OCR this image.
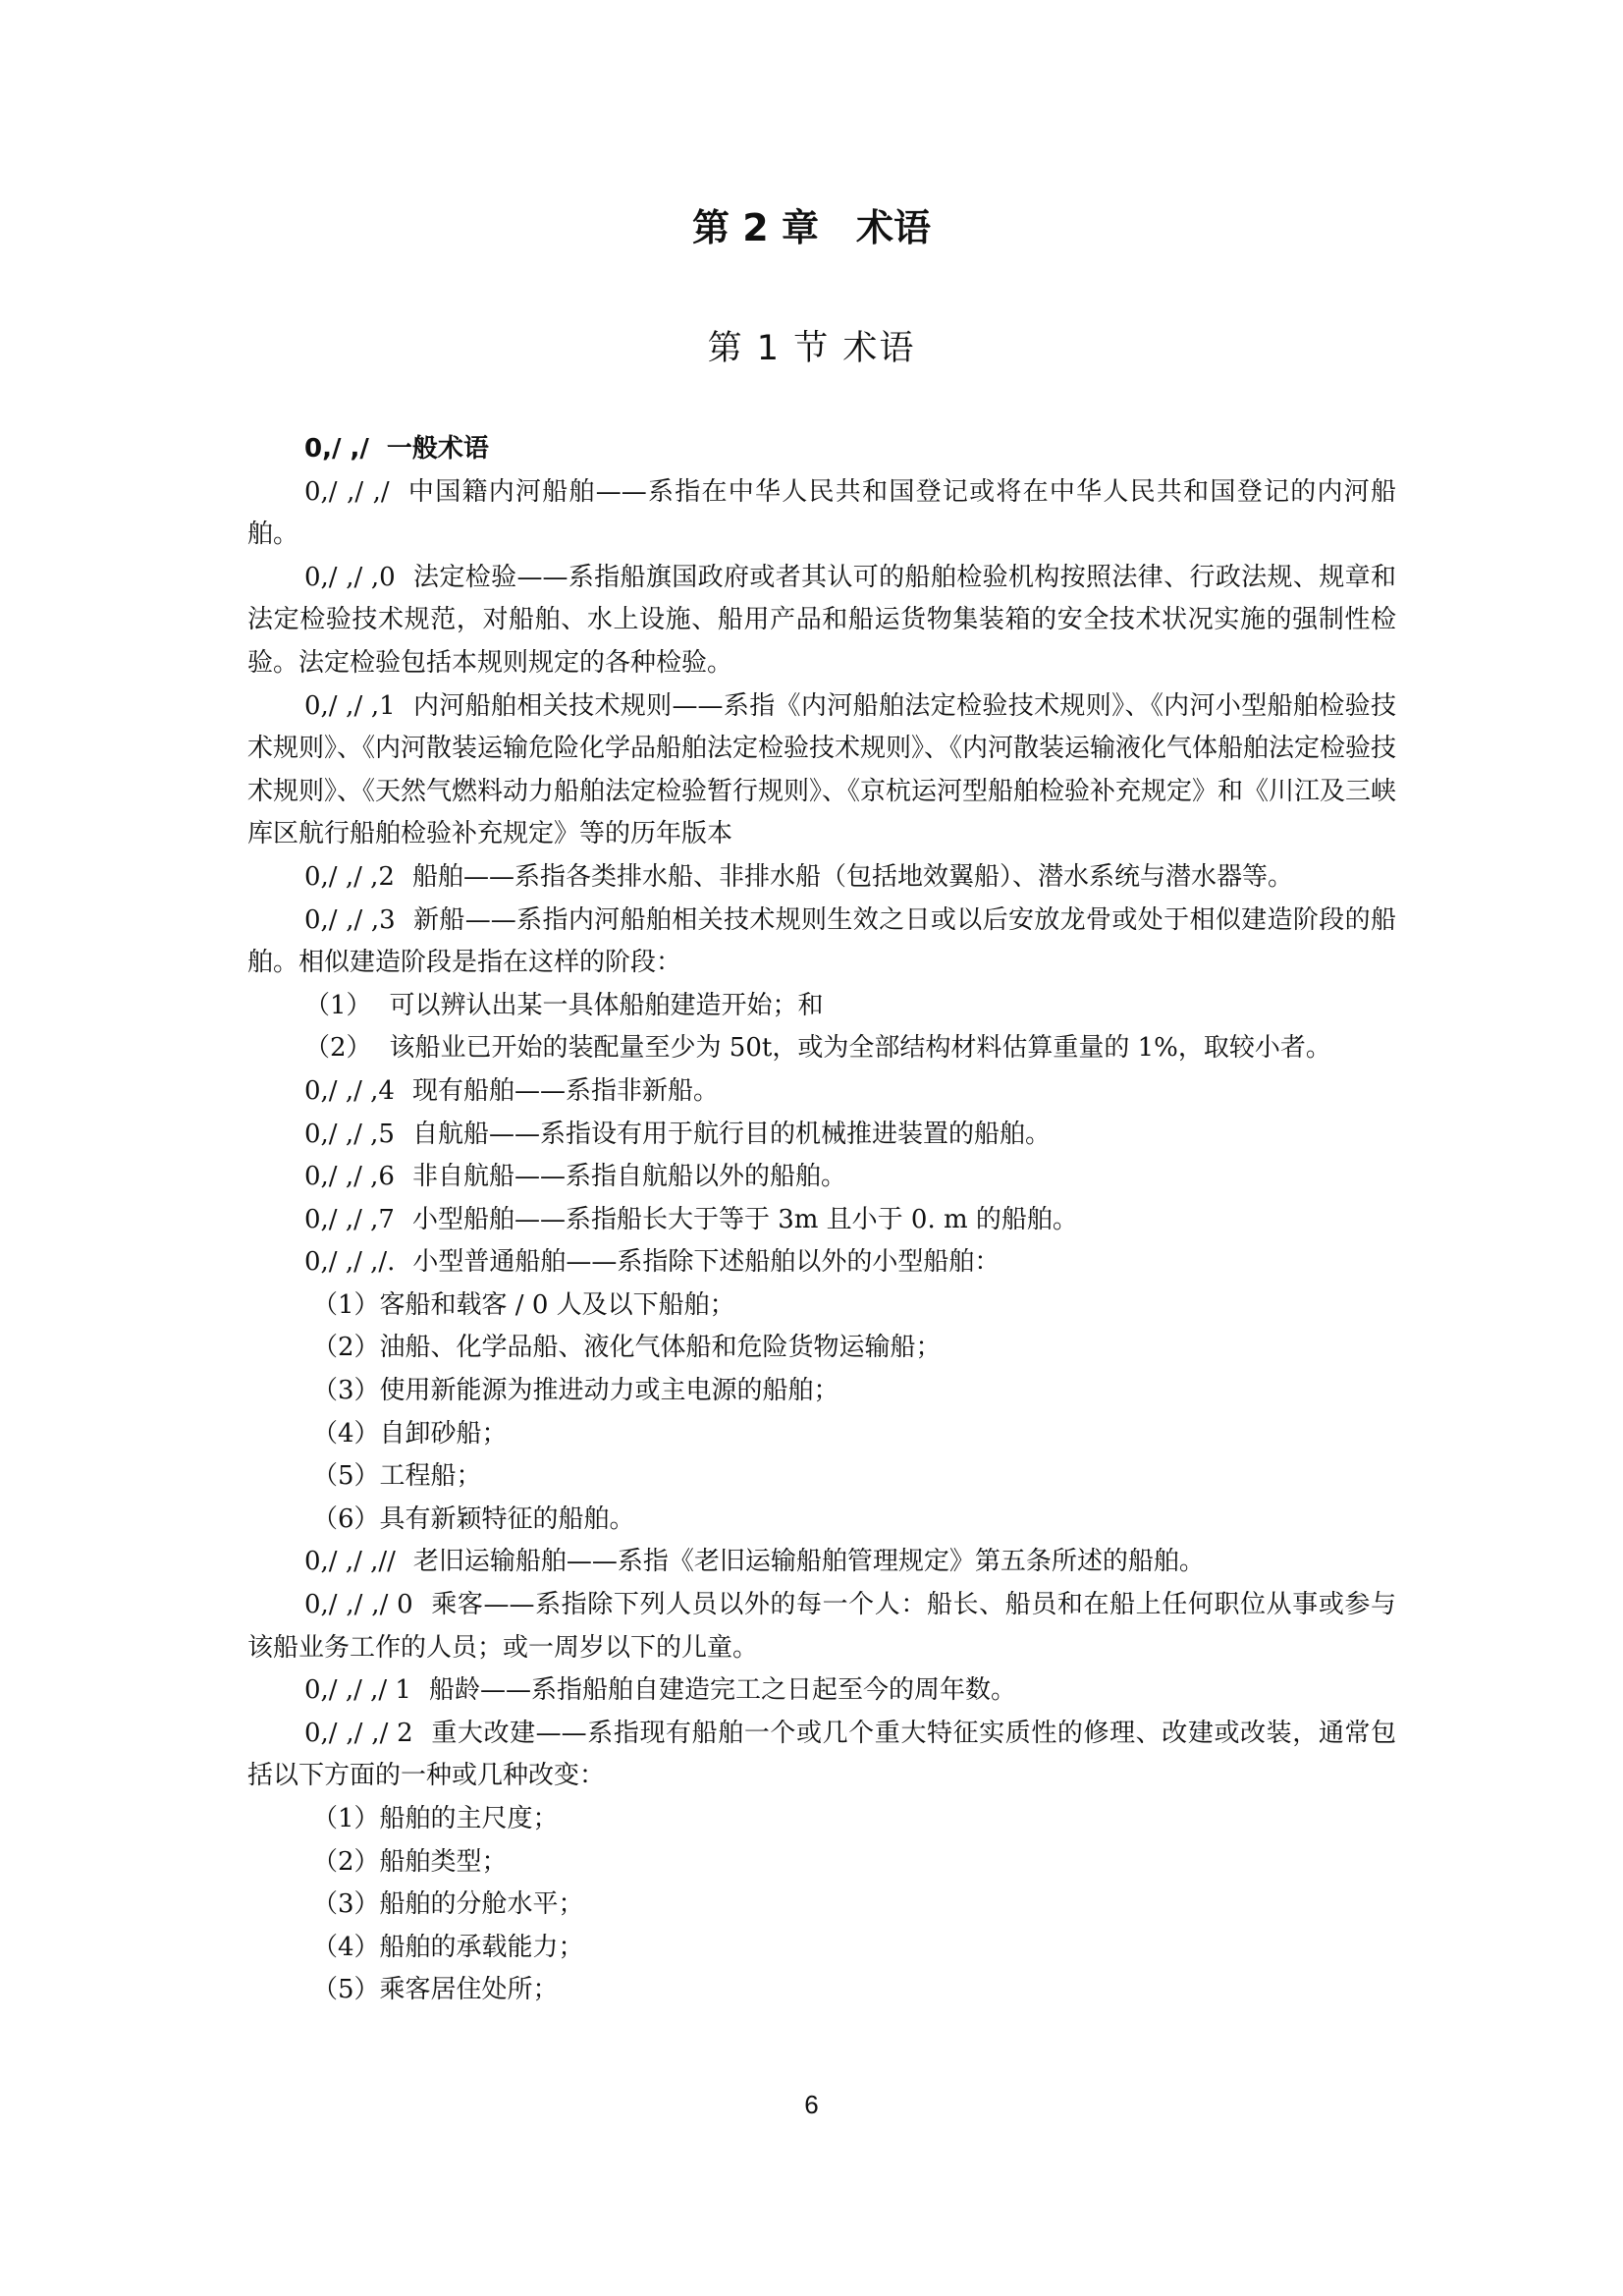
第 2 章　术语
第 1 节 术语

0,/ ,/ 一般术语

0,/ ,/ ,/ 中国籍内河船舶——系指在中华人民共和国登记或将在中华人民共和国登记的内河船舶。

0,/ ,/ ,0 法定检验——系指船旗国政府或者其认可的船舶检验机构按照法律、行政法规、规章和法定检验技术规范，对船舶、水上设施、船用产品和船运货物集装箱的安全技术状况实施的强制性检验。法定检验包括本规则规定的各种检验。

0,/ ,/ ,1 内河船舶相关技术规则——系指《内河船舶法定检验技术规则》、《内河小型船舶检验技术规则》、《内河散装运输危险化学品船舶法定检验技术规则》、《内河散装运输液化气体船舶法定检验技术规则》、《天然气燃料动力船舶法定检验暂行规则》、《京杭运河型船舶检验补充规定》和《川江及三峡库区航行船舶检验补充规定》等的历年版本

0,/ ,/ ,2 船舶——系指各类排水船、非排水船（包括地效翼船）、潜水系统与潜水器等。

0,/ ,/ ,3 新船——系指内河船舶相关技术规则生效之日或以后安放龙骨或处于相似建造阶段的船舶。相似建造阶段是指在这样的阶段：

（1） 可以辨认出某一具体船舶建造开始；和

（2） 该船业已开始的装配量至少为 50t，或为全部结构材料估算重量的 1%，取较小者。

0,/ ,/ ,4 现有船舶——系指非新船。

0,/ ,/ ,5 自航船——系指设有用于航行目的机械推进装置的船舶。

0,/ ,/ ,6 非自航船——系指自航船以外的船舶。

0,/ ,/ ,7 小型船舶——系指船长大于等于 3m 且小于 0. m 的船舶。

0,/ ,/ ,/. 小型普通船舶——系指除下述船舶以外的小型船舶：

（1）客船和载客 / 0 人及以下船舶；

（2）油船、化学品船、液化气体船和危险货物运输船；

（3）使用新能源为推进动力或主电源的船舶；

（4）自卸砂船；

（5）工程船；

（6）具有新颖特征的船舶。

0,/ ,/ ,// 老旧运输船舶——系指《老旧运输船舶管理规定》第五条所述的船舶。

0,/ ,/ ,/ 0 乘客——系指除下列人员以外的每一个人：船长、船员和在船上任何职位从事或参与该船业务工作的人员；或一周岁以下的儿童。

0,/ ,/ ,/ 1 船龄——系指船舶自建造完工之日起至今的周年数。

0,/ ,/ ,/ 2 重大改建——系指现有船舶一个或几个重大特征实质性的修理、改建或改装，通常包括以下方面的一种或几种改变：

（1）船舶的主尺度；

（2）船舶类型；

（3）船舶的分舱水平；

（4）船舶的承载能力；

（5）乘客居住处所；

6
